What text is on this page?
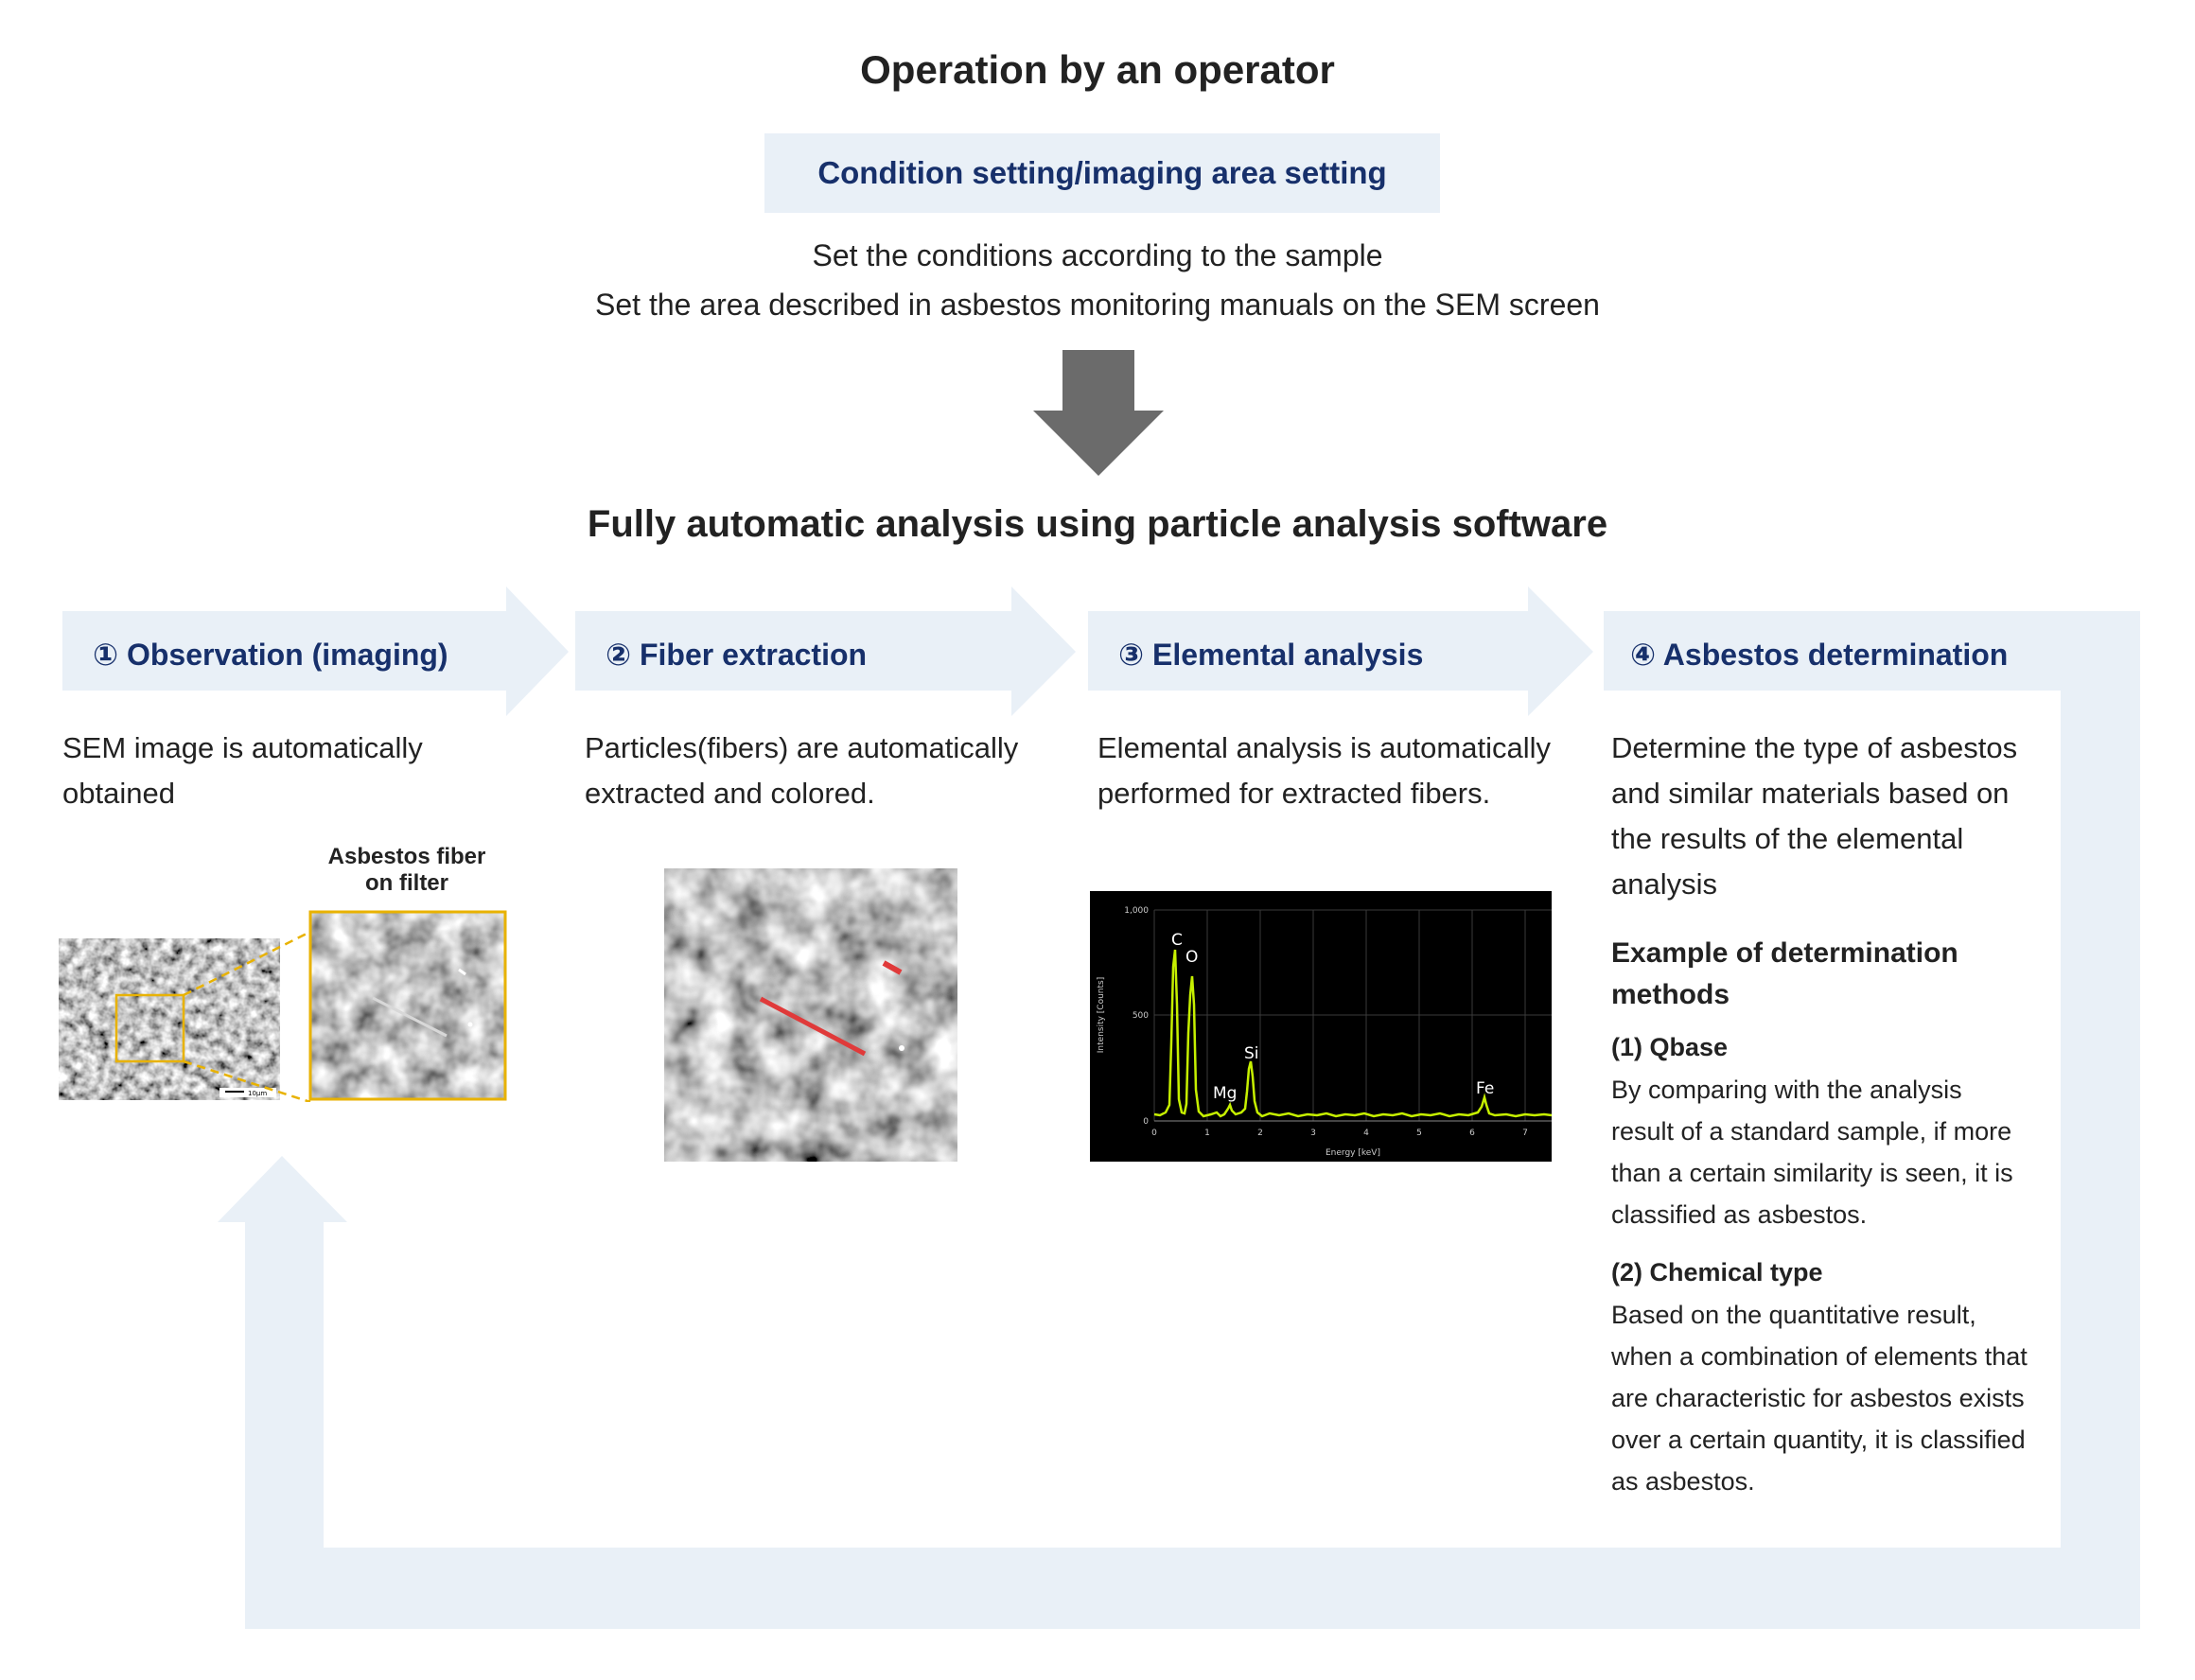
Operation by an operator
Condition setting/imaging area setting
Set the conditions according to the sample
Set the area described in asbestos monitoring manuals on the SEM screen
Fully automatic analysis using particle analysis software
① Observation (imaging)	② Fiber extraction	③ Elemental analysis	④ Asbestos determination
SEM image is automatically
obtained
Particles(fibers) are automatically
extracted and colored.
Elemental analysis is automatically
performed for extracted fibers.
Determine the type of asbestos
and similar materials based on
the results of the elemental
analysis
Asbestos fiber
on filter
10μm
0
500
1,000
0	1	2	3	4	5	6	7
Energy [keV]
Intensity [Counts]
C
O
Mg
Si
Fe
Example of determination
methods
(1) Qbase
By comparing with the analysis
result of a standard sample, if more
than a certain similarity is seen, it is
classified as asbestos.
(2) Chemical type
Based on the quantitative result,
when a combination of elements that
are characteristic for asbestos exists
over a certain quantity, it is classified
as asbestos.
